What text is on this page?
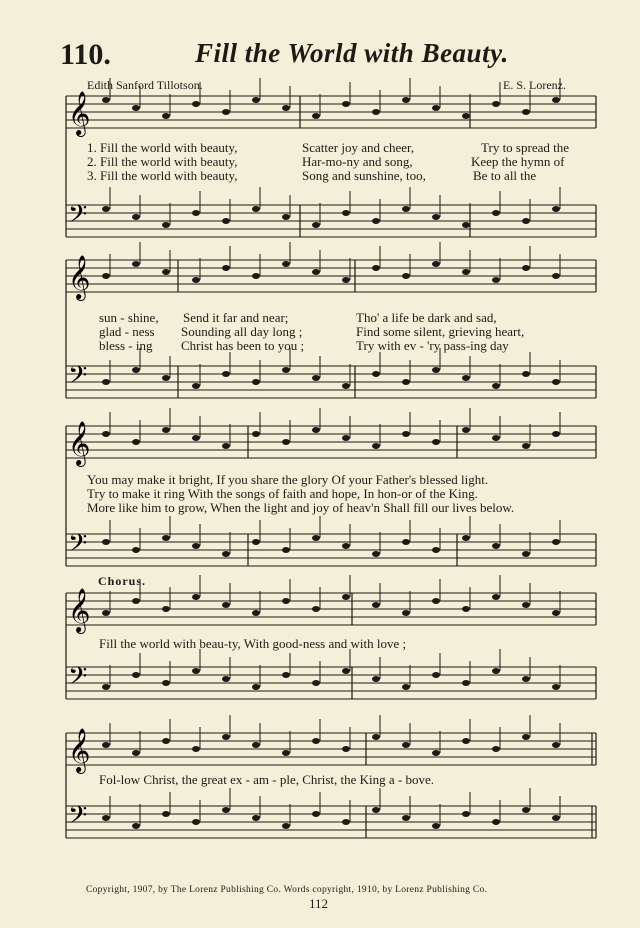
𝄞
𝄢
𝄞
𝄢
𝄞
𝄢
𝄞
𝄢
𝄞
𝄢
110.	Fill the World with Beauty.
Edith Sanford Tillotson.	E. S. Lorenz.
1. Fill the world with beauty,	Scatter joy and cheer,	Try to spread the
2. Fill the world with beauty,	Har-mo-ny and song,	Keep the hymn of
3. Fill the world with beauty,	Song and sunshine, too,	Be to all the
sun - shine, Send it far and near;	Tho' a life be dark and sad,
glad - ness Sounding all day long ;	Find some silent, grieving heart,
bless - ing Christ has been to you ;	Try with ev - 'ry pass-ing day
You may make it bright, If you share the glory Of your Father's blessed light.
Try to make it ring With the songs of faith and hope, In hon-or of the King.
More like him to grow, When the light and joy of heav'n Shall fill our lives below.
Chorus.
Fill the world with beau-ty, With good-ness and with love ;
Fol-low Christ, the great ex - am - ple, Christ, the King a - bove.
Copyright, 1907, by The Lorenz Publishing Co. Words copyright, 1910, by Lorenz Publishing Co.
112
